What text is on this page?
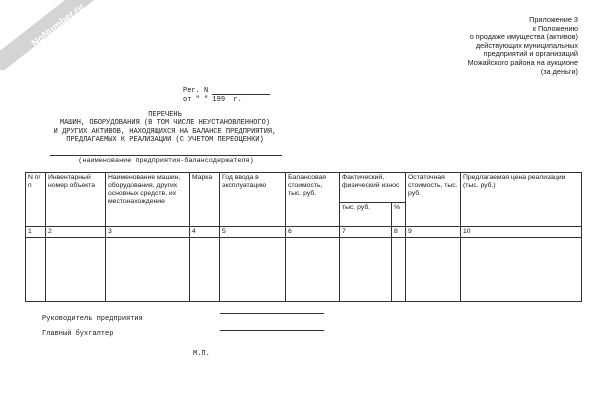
NoNumber.ru	Приложение 3
к Положению
о продаже имущества (активов)
действующих муниципальных
предприятий и организаций
Можайского района на аукционе
(за деньги)
Рег. N
от " " 199 г.
ПЕРЕЧЕНЬ
МАШИН, ОБОРУДОВАНИЯ (В ТОМ ЧИСЛЕ НЕУСТАНОВЛЕННОГО)
И ДРУГИХ АКТИВОВ, НАХОДЯЩИХСЯ НА БАЛАНСЕ ПРЕДПРИЯТИЯ,
ПРЕДЛАГАЕМЫХ К РЕАЛИЗАЦИИ (С УЧЕТОМ ПЕРЕОЦЕНКИ)
(наименование предприятия-балансодержателя)
N п/п	Инвентарный номер объекта	Наименование машин, оборудования, других основных средств, их местонахождение	Марка	Год ввода в эксплуатацию	Балансовая стоимость, тыс. руб.	Фактический, физический износ		Остаточная стоимость, тыс. руб.	Предлагаемая цена реализации (тыс. руб.)
						тыс. руб.	%		
1	2	3	4	5	6	7	8	9	10

Руководитель предприятия
Главный бухгалтер
М.П.
